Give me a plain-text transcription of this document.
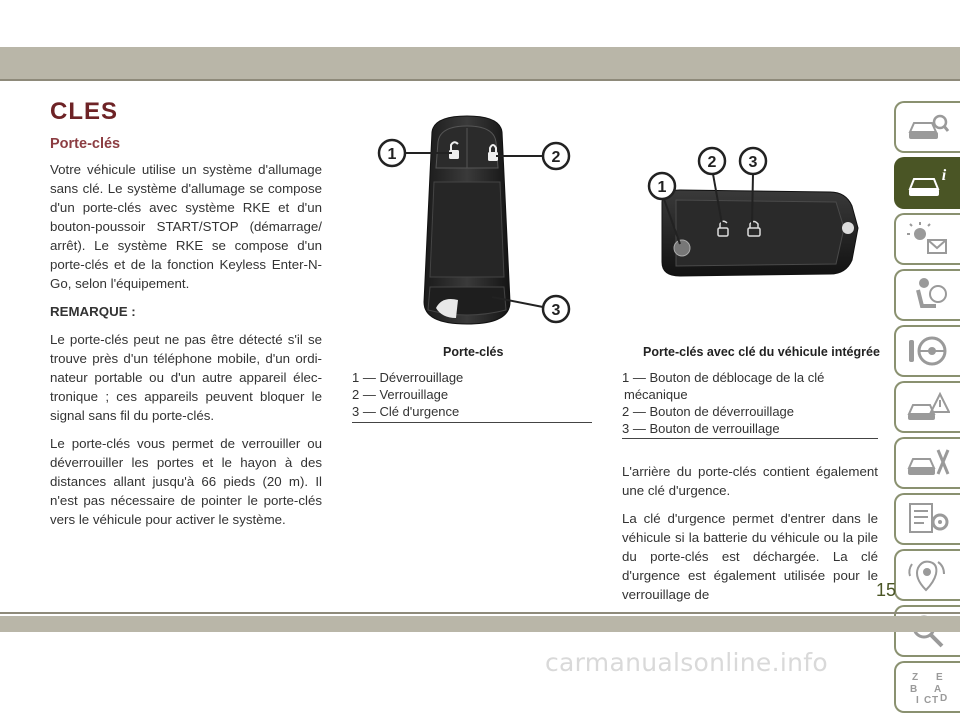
CLES
Porte-clés

Votre véhicule utilise un système d'allumage sans clé. Le système d'allumage se compose d'un porte-clés avec système RKE et d'un bouton-poussoir START/STOP (démarrage/ arrêt). Le système RKE se compose d'un porte-clés et de la fonction Keyless Enter-N-Go, selon l'équipement.

REMARQUE :

Le porte-clés peut ne pas être détecté s'il se trouve près d'un téléphone mobile, d'un ordi-nateur portable ou d'un autre appareil élec-tronique ; ces appareils peuvent bloquer le signal sans fil du porte-clés.

Le porte-clés vous permet de verrouiller ou déverrouiller les portes et le hayon à des distances allant jusqu'à 66 pieds (20 m). Il n'est pas nécessaire de pointer le porte-clés vers le véhicule pour activer le système.

1	2
3
Porte-clés
1 — Déverrouillage
2 — Verrouillage
3 — Clé d'urgence
1
2 3
Porte-clés avec clé du véhicule intégrée
1 — Bouton de déblocage de la clé
mécanique
2 — Bouton de déverrouillage
3 — Bouton de verrouillage

L'arrière du porte-clés contient également une clé d'urgence.

La clé d'urgence permet d'entrer dans le véhicule si la batterie du véhicule ou la pile du porte-clés est déchargée. La clé d'urgence est également utilisée pour le verrouillage de

i
Z E
B A
I C T D
15
carmanualsonline.info
